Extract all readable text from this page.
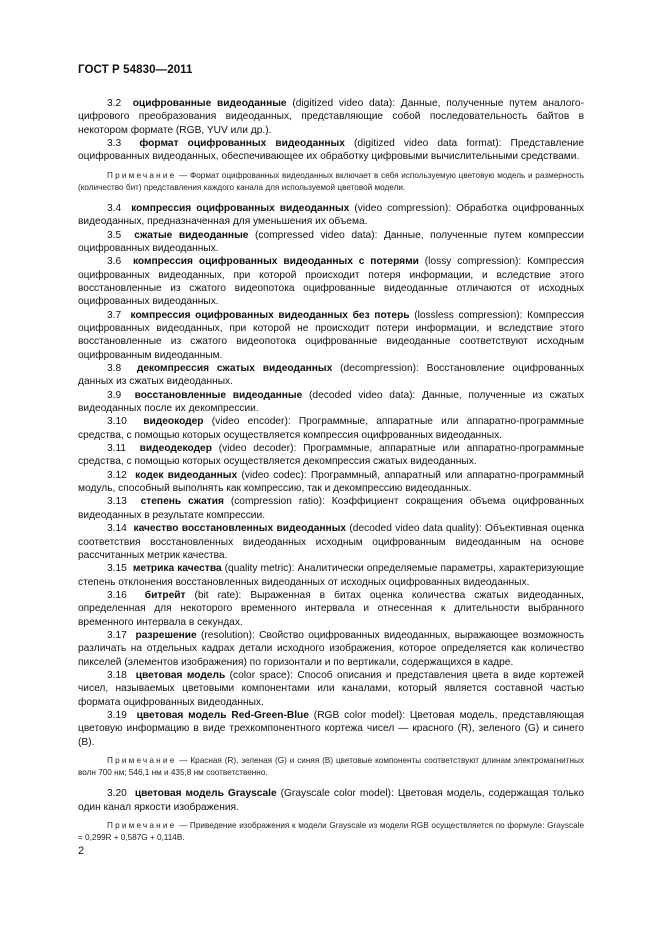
ГОСТ Р 54830—2011

3.2 оцифрованные видеоданные (digitized video data): Данные, полученные путем аналого-цифрового преобразования видеоданных, представляющие собой последовательность байтов в некотором формате (RGB, YUV или др.).

3.3 формат оцифрованных видеоданных (digitized video data format): Представление оцифрованных видеоданных, обеспечивающее их обработку цифровыми вычислительными средствами.

Примечание — Формат оцифрованных видеоданных включает в себя используемую цветовую модель и размерность (количество бит) представления каждого канала для используемой цветовой модели.

3.4 компрессия оцифрованных видеоданных (video compression): Обработка оцифрованных видеоданных, предназначенная для уменьшения их объема.

3.5 сжатые видеоданные (compressed video data): Данные, полученные путем компрессии оцифрованных видеоданных.

3.6 компрессия оцифрованных видеоданных с потерями (lossy compression): Компрессия оцифрованных видеоданных, при которой происходит потеря информации, и вследствие этого восстановленные из сжатого видеопотока оцифрованные видеоданные отличаются от исходных оцифрованных видеоданных.

3.7 компрессия оцифрованных видеоданных без потерь (lossless compression): Компрессия оцифрованных видеоданных, при которой не происходит потери информации, и вследствие этого восстановленные из сжатого видеопотока оцифрованные видеоданные соответствуют исходным оцифрованным видеоданным.

3.8 декомпрессия сжатых видеоданных (decompression): Восстановление оцифрованных данных из сжатых видеоданных.

3.9 восстановленные видеоданные (decoded video data): Данные, полученные из сжатых видеоданных после их декомпрессии.

3.10 видеокодер (video encoder): Программные, аппаратные или аппаратно-программные средства, с помощью которых осуществляется компрессия оцифрованных видеоданных.

3.11 видеодекодер (video decoder): Программные, аппаратные или аппаратно-программные средства, с помощью которых осуществляется декомпрессия сжатых видеоданных.

3.12 кодек видеоданных (video codec): Программный, аппаратный или аппаратно-программный модуль, способный выполнять как компрессию, так и декомпрессию видеоданных.

3.13 степень сжатия (compression ratio): Коэффициент сокращения объема оцифрованных видеоданных в результате компрессии.

3.14 качество восстановленных видеоданных (decoded video data quality): Объективная оценка соответствия восстановленных видеоданных исходным оцифрованным видеоданным на основе рассчитанных метрик качества.

3.15 метрика качества (quality metric): Аналитически определяемые параметры, характеризующие степень отклонения восстановленных видеоданных от исходных оцифрованных видеоданных.

3.16 битрейт (bit rate): Выраженная в битах оценка количества сжатых видеоданных, определенная для некоторого временного интервала и отнесенная к длительности выбранного временного интервала в секундах.

3.17 разрешение (resolution): Свойство оцифрованных видеоданных, выражающее возможность различать на отдельных кадрах детали исходного изображения, которое определяется как количество пикселей (элементов изображения) по горизонтали и по вертикали, содержащихся в кадре.

3.18 цветовая модель (color space): Способ описания и представления цвета в виде кортежей чисел, называемых цветовыми компонентами или каналами, который является составной частью формата оцифрованных видеоданных.

3.19 цветовая модель Red-Green-Blue (RGB color model): Цветовая модель, представляющая цветовую информацию в виде трехкомпонентного кортежа чисел — красного (R), зеленого (G) и синего (B).

Примечание — Красная (R), зеленая (G) и синяя (B) цветовые компоненты соответствуют длинам электромагнитных волн 700 нм; 546,1 нм и 435,8 нм соответственно.

3.20 цветовая модель Grayscale (Grayscale color model): Цветовая модель, содержащая только один канал яркости изображения.

Примечание — Приведение изображения к модели Grayscale из модели RGB осуществляется по формуле: Grayscale = 0,299R + 0,587G + 0,114B.

2
